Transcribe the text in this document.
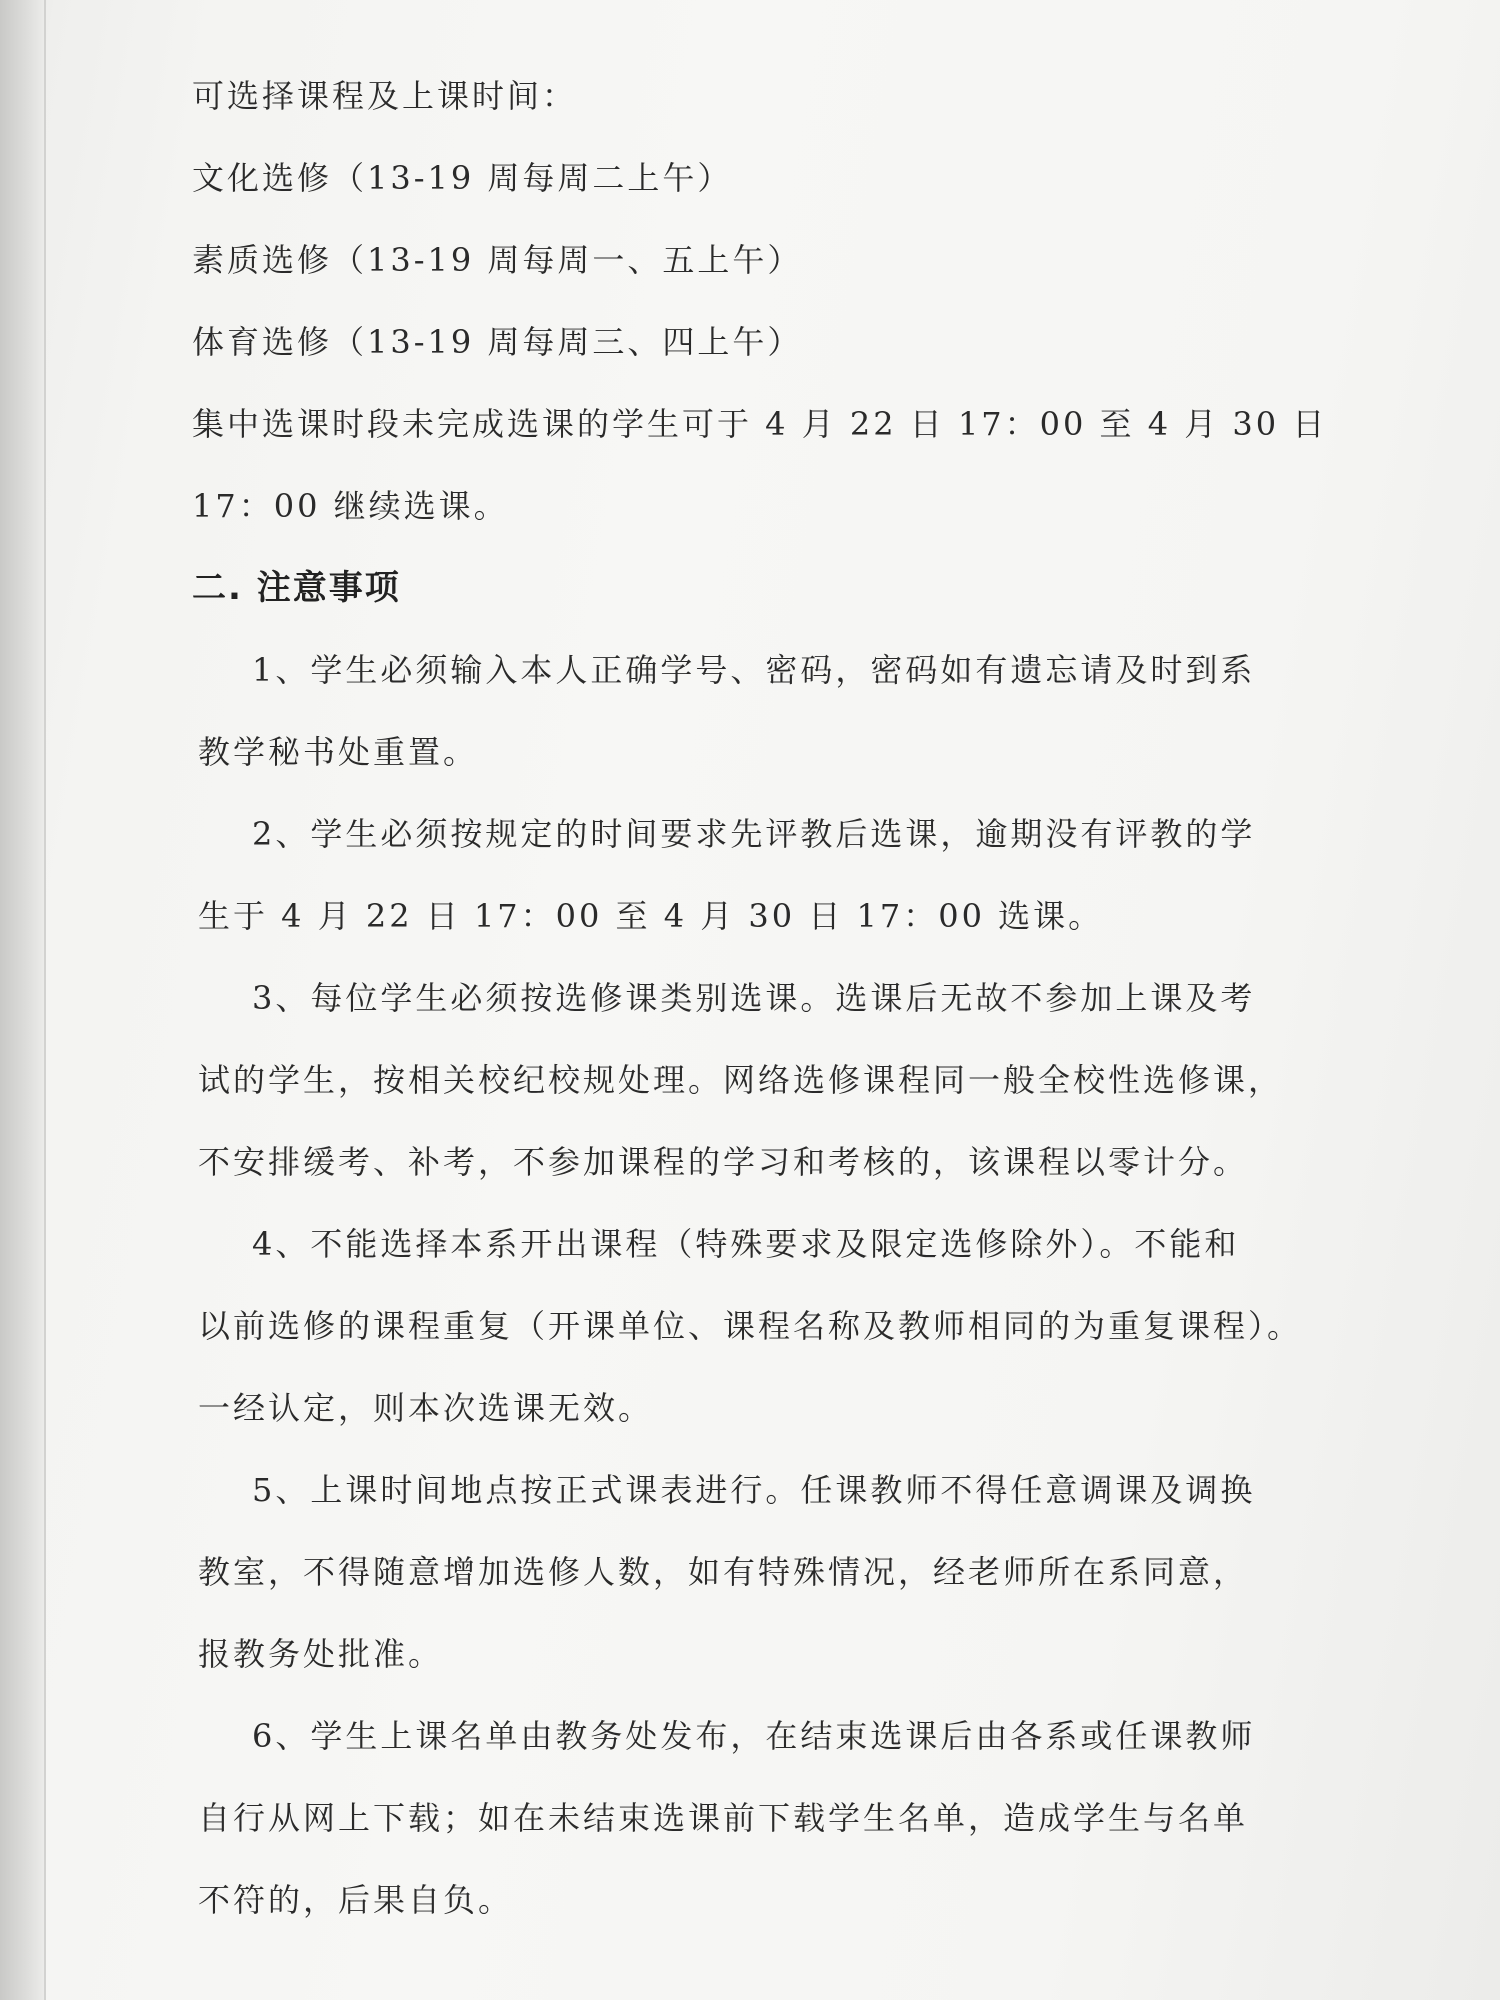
可选择课程及上课时间：

文化选修（13-19 周每周二上午）

素质选修（13-19 周每周一、五上午）

体育选修（13-19 周每周三、四上午）

集中选课时段未完成选课的学生可于 4 月 22 日 17：00 至 4 月 30 日

17：00 继续选课。

二. 注意事项

1、学生必须输入本人正确学号、密码，密码如有遗忘请及时到系

教学秘书处重置。

2、学生必须按规定的时间要求先评教后选课，逾期没有评教的学

生于 4 月 22 日 17：00 至 4 月 30 日 17：00 选课。

3、每位学生必须按选修课类别选课。选课后无故不参加上课及考

试的学生，按相关校纪校规处理。网络选修课程同一般全校性选修课，

不安排缓考、补考，不参加课程的学习和考核的，该课程以零计分。

4、不能选择本系开出课程（特殊要求及限定选修除外）。不能和

以前选修的课程重复（开课单位、课程名称及教师相同的为重复课程）。

一经认定，则本次选课无效。

5、上课时间地点按正式课表进行。任课教师不得任意调课及调换

教室，不得随意增加选修人数，如有特殊情况，经老师所在系同意，

报教务处批准。

6、学生上课名单由教务处发布，在结束选课后由各系或任课教师

自行从网上下载；如在未结束选课前下载学生名单，造成学生与名单

不符的，后果自负。
